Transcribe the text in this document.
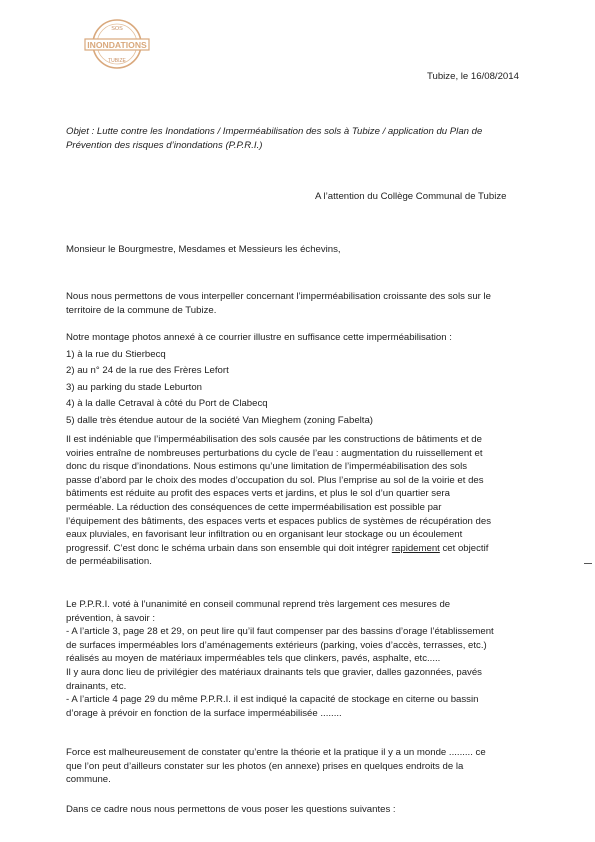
SOS
INONDATIONS
TUBIZE
Tubize, le 16/08/2014
Objet : Lutte contre les Inondations / Imperméabilisation des sols à Tubize / application du Plan de
Prévention des risques d’inondations (P.P.R.I.)
A l’attention du Collège Communal de Tubize
Monsieur le Bourgmestre, Mesdames et Messieurs les échevins,
Nous nous permettons de vous interpeller concernant l’imperméabilisation croissante des sols sur le
territoire de la commune de Tubize.
Notre montage photos annexé à ce courrier illustre en suffisance cette imperméabilisation :
1) à la rue du Stierbecq
2) au n° 24 de la rue des Frères Lefort
3) au parking du stade Leburton
4) à la dalle Cetraval à côté du Port de Clabecq
5) dalle très étendue autour de la société Van Mieghem (zoning Fabelta)
Il est indéniable que l’imperméabilisation des sols causée par les constructions de bâtiments et de
voiries entraîne de nombreuses perturbations du cycle de l’eau : augmentation du ruissellement et
donc du risque d’inondations. Nous estimons qu’une limitation de l’imperméabilisation des sols
passe d’abord par le choix des modes d’occupation du sol. Plus l’emprise au sol de la voirie et des
bâtiments est réduite au profit des espaces verts et jardins, et plus le sol d’un quartier sera
perméable. La réduction des conséquences de cette imperméabilisation est possible par
l’équipement des bâtiments, des espaces verts et espaces publics de systèmes de récupération des
eaux pluviales, en favorisant leur infiltration ou en organisant leur stockage ou un écoulement
progressif. C’est donc le schéma urbain dans son ensemble qui doit intégrer rapidement cet objectif
de perméabilisation.
Le P.P.R.I. voté à l’unanimité en conseil communal reprend très largement ces mesures de
prévention, à savoir :
- A l’article 3, page 28 et 29, on peut lire qu’il faut compenser par des bassins d’orage l’établissement
de surfaces imperméables lors d’aménagements extérieurs (parking, voies d’accès, terrasses, etc.)
réalisés au moyen de matériaux imperméables tels que clinkers, pavés, asphalte, etc.....
Il y aura donc lieu de privilégier des matériaux drainants tels que gravier, dalles gazonnées, pavés
drainants, etc.
- A l’article 4 page 29 du même P.P.R.I. il est indiqué la capacité de stockage en citerne ou bassin
d’orage à prévoir en fonction de la surface imperméabilisée ........
Force est malheureusement de constater qu’entre la théorie et la pratique il y a un monde ......... ce
que l’on peut d’ailleurs constater sur les photos (en annexe) prises en quelques endroits de la
commune.
Dans ce cadre nous nous permettons de vous poser les questions suivantes :
